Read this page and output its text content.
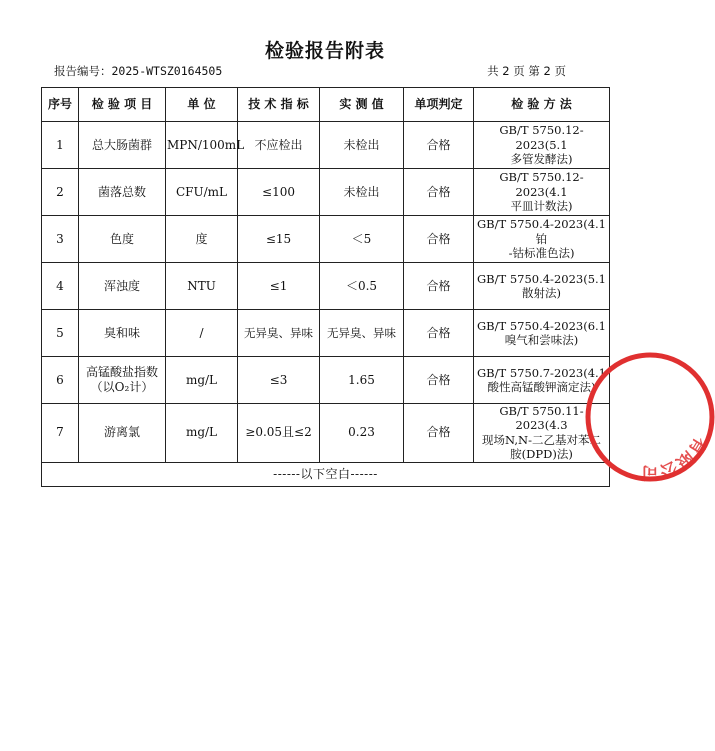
检验报告附表
报告编号：2025-WTSZ0164505	共 2 页 第 2 页
序号	检 验 项 目	单 位	技 术 指 标	实 测 值	单项判定	检 验 方 法
1	总大肠菌群	MPN/100mL	不应检出	未检出	合格	GB/T 5750.12-2023(5.1
多管发酵法)
2	菌落总数	CFU/mL	≤100	未检出	合格	GB/T 5750.12-2023(4.1
平皿计数法)
3	色度	度	≤15	＜5	合格	GB/T 5750.4-2023(4.1铂
-钴标准色法)
4	浑浊度	NTU	≤1	＜0.5	合格	GB/T 5750.4-2023(5.1
散射法)
5	臭和味	/	无异臭、异味	无异臭、异味	合格	GB/T 5750.4-2023(6.1
嗅气和尝味法)
6	高锰酸盐指数
（以O₂计）	mg/L	≤3	1.65	合格	GB/T 5750.7-2023(4.1
酸性高锰酸钾滴定法)
7	游离氯	mg/L	≥0.05且≤2	0.23	合格	GB/T 5750.11-2023(4.3
现场N,N-二乙基对苯二
胺(DPD)法)
------以下空白------						
有限公司
